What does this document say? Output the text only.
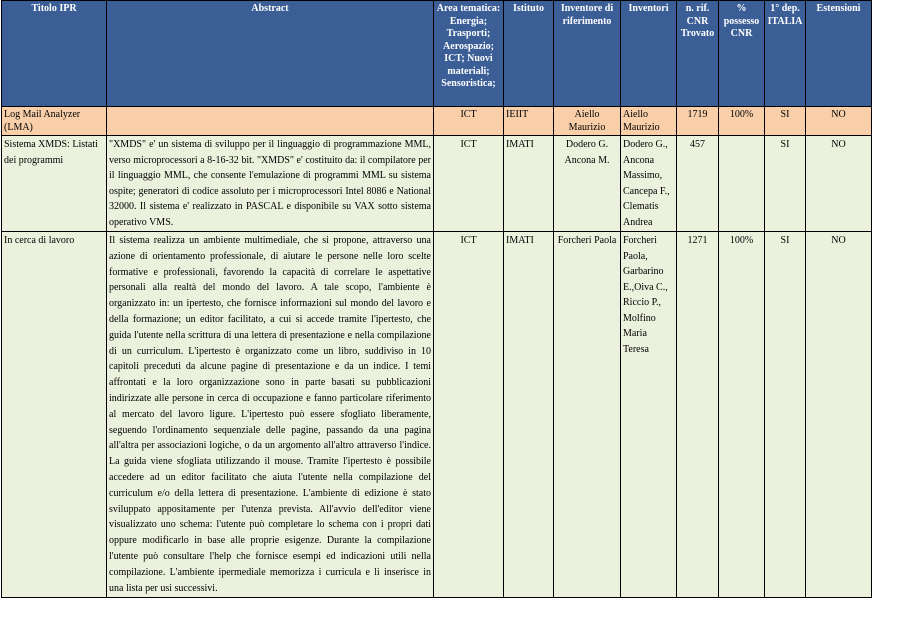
Titolo IPR	Abstract	Area tematica: Energia; Trasporti; Aerospazio; ICT; Nuovi materiali; Sensoristica;	Istituto	Inventore di riferimento	Inventori	n. rif. CNR Trovato	% possesso CNR	1° dep. ITALIA	Estensioni
Log Mail Analyzer (LMA)		ICT	IEIIT	Aiello Maurizio	Aiello Maurizio	1719	100%	SI	NO
Sistema XMDS: Listati dei programmi	"XMDS" e' un sistema di sviluppo per il linguaggio di programmazione MML, verso microprocessori a 8-16-32 bit. "XMDS" e' costituito da: il compilatore per il linguaggio MML, che consente l'emulazione di programmi MML su sistema ospite; generatori di codice assoluto per i microprocessori Intel 8086 e National 32000. Il sistema e' realizzato in PASCAL e disponibile su VAX sotto sistema operativo VMS.	ICT	IMATI	Dodero G. Ancona M.	Dodero G., Ancona Massimo, Cancepa F., Clematis Andrea	457		SI	NO
In cerca di lavoro	Il sistema realizza un ambiente multimediale, che si propone, attraverso una azione di orientamento professionale, di aiutare le persone nelle loro scelte formative e professionali, favorendo la capacità di correlare le aspettative personali alla realtà del mondo del lavoro. A tale scopo, l'ambiente è organizzato in: un ipertesto, che fornisce informazioni sul mondo del lavoro e della formazione; un editor facilitato, a cui si accede tramite l'ipertesto, che guida l'utente nella scrittura di una lettera di presentazione e nella compilazione di un curriculum. L'ipertesto è organizzato come un libro, suddiviso in 10 capitoli preceduti da alcune pagine di presentazione e da un indice. I temi affrontati e la loro organizzazione sono in parte basati su pubblicazioni indirizzate alle persone in cerca di occupazione e fanno particolare riferimento al mercato del lavoro ligure. L'ipertesto può essere sfogliato liberamente, seguendo l'ordinamento sequenziale delle pagine, passando da una pagina all'altra per associazioni logiche, o da un argomento all'altro attraverso l'indice. La guida viene sfogliata utilizzando il mouse. Tramite l'ipertesto è possibile accedere ad un editor facilitato che aiuta l'utente nella compilazione del curriculum e/o della lettera di presentazione. L'ambiente di edizione è stato sviluppato appositamente per l'utenza prevista. All'avvio dell'editor viene visualizzato uno schema: l'utente può completare lo schema con i propri dati oppure modificarlo in base alle proprie esigenze. Durante la compilazione l'utente può consultare l'help che fornisce esempi ed indicazioni utili nella compilazione. L'ambiente ipermediale memorizza i curricula e li inserisce in una lista per usi successivi.	ICT	IMATI	Forcheri Paola	Forcheri Paola, Garbarino E.,Oiva C., Riccio P., Molfino Maria Teresa	1271	100%	SI	NO
